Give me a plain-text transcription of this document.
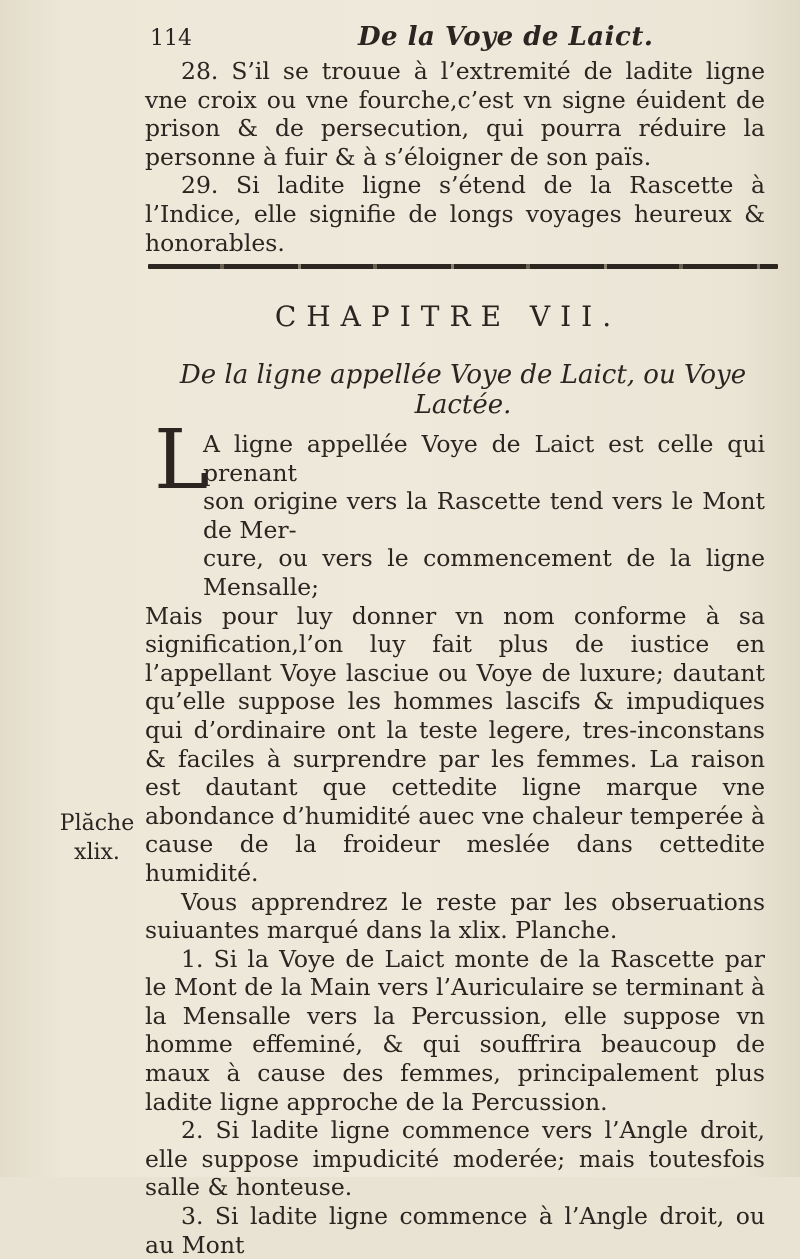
114	De la Voye de Laict.

28. S’il se trouue à l’extremité de ladite ligne vne croix ou vne fourche,c’est vn signe éuident de prison & de persecution, qui pourra réduire la personne à fuir & à s’éloigner de son païs.

29. Si ladite ligne s’étend de la Rascette à l’Indice, elle signifie de longs voyages heureux & honorables.

CHAPITRE VII.
De la ligne appellée Voye de Laict, ou Voye Lactée.
L

A ligne appellée Voye de Laict est celle qui prenant

son origine vers la Rascette tend vers le Mont de Mer-

cure, ou vers le commencement de la ligne Mensalle;

Mais pour luy donner vn nom conforme à sa signification,l’on luy fait plus de iustice en l’appellant Voye lasciue ou Voye de luxure; dautant qu’elle suppose les hommes lascifs & impudiques qui d’ordinaire ont la teste legere, tres-inconstans & faciles à surprendre par les femmes. La raison est dautant que cettedite ligne marque vne abondance d’humidité auec vne chaleur temperée à cause de la froideur meslée dans cettedite humidité.

Vous apprendrez le reste par les obseruations suiuantes marqué dans la xlix. Planche.

1. Si la Voye de Laict monte de la Rascette par le Mont de la Main vers l’Auriculaire se terminant à la Mensalle vers la Percussion, elle suppose vn homme effeminé, & qui souffrira beaucoup de maux à cause des femmes, principalement plus ladite ligne approche de la Percussion.

2. Si ladite ligne commence vers l’Angle droit, elle suppose impudicité moderée; mais toutesfois salle & honteuse.

3. Si ladite ligne commence à l’Angle droit, ou au Mont

Plăche
xlix.
